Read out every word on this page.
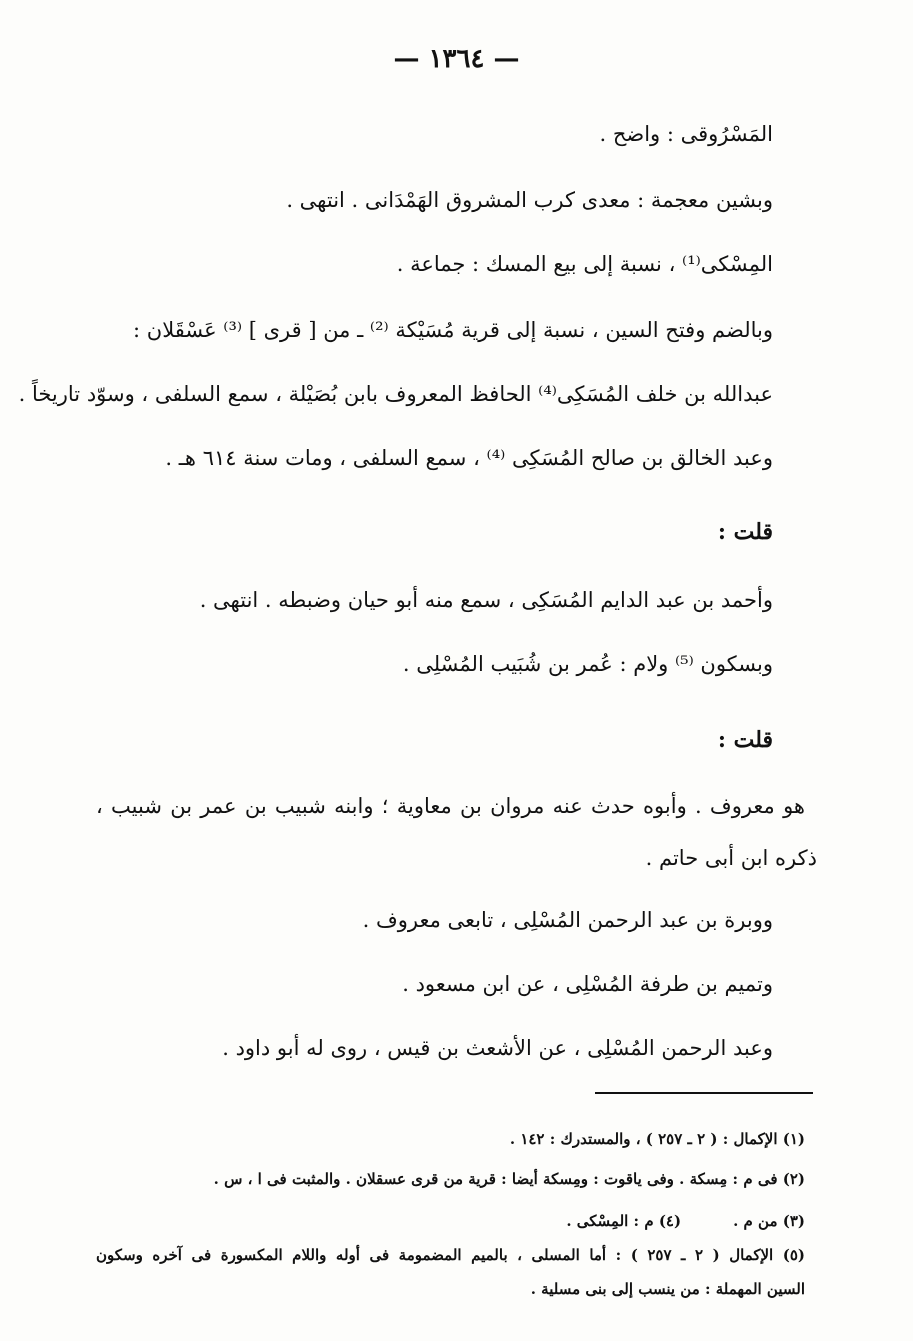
— ١٣٦٤ —
المَسْرُوقى : واضح .
وبشين معجمة : معدى كرب المشروق الهَمْدَانى . انتهى .
المِسْكى⁽¹⁾ ، نسبة إلى بيع المسك : جماعة .
وبالضم وفتح السين ، نسبة إلى قرية مُسَيْكة ⁽²⁾ ـ من [ قرى ] ⁽³⁾ عَسْقَلان :
عبدالله بن خلف المُسَكِى⁽⁴⁾ الحافظ المعروف بابن بُصَيْلة ، سمع السلفى ، وسوّد تاريخاً .
وعبد الخالق بن صالح المُسَكِى ⁽⁴⁾ ، سمع السلفى ، ومات سنة ٦١٤ هـ .
قلت :
وأحمد بن عبد الدايم المُسَكِى ، سمع منه أبو حيان وضبطه . انتهى .
وبسكون ⁽⁵⁾ ولام : عُمر بن شُبَيب المُسْلِى .
قلت :
هو معروف . وأبوه حدث عنه مروان بن معاوية ؛ وابنه شبيب بن عمر بن شبيب ،
ذكره ابن أبى حاتم .
ووبرة بن عبد الرحمن المُسْلِى ، تابعى معروف .
وتميم بن طرفة المُسْلِى ، عن ابن مسعود .
وعبد الرحمن المُسْلِى ، عن الأشعث بن قيس ، روى له أبو داود .
(١) الإكمال : ( ٢ ـ ٢٥٧ ) ، والمستدرك : ١٤٢ .
(٢) فى م : مِسكة . وفى ياقوت : ومِسكة أيضا : قرية من قرى عسقلان . والمثبت فى ا ، س .
(٣) من م .(٤) م : المِسْكى .
(٥) الإكمال ( ٢ ـ ٢٥٧ ) : أما المسلى ، بالميم المضمومة فى أوله واللام المكسورة فى آخره وسكون
السين المهملة : من ينسب إلى بنى مسلية .
